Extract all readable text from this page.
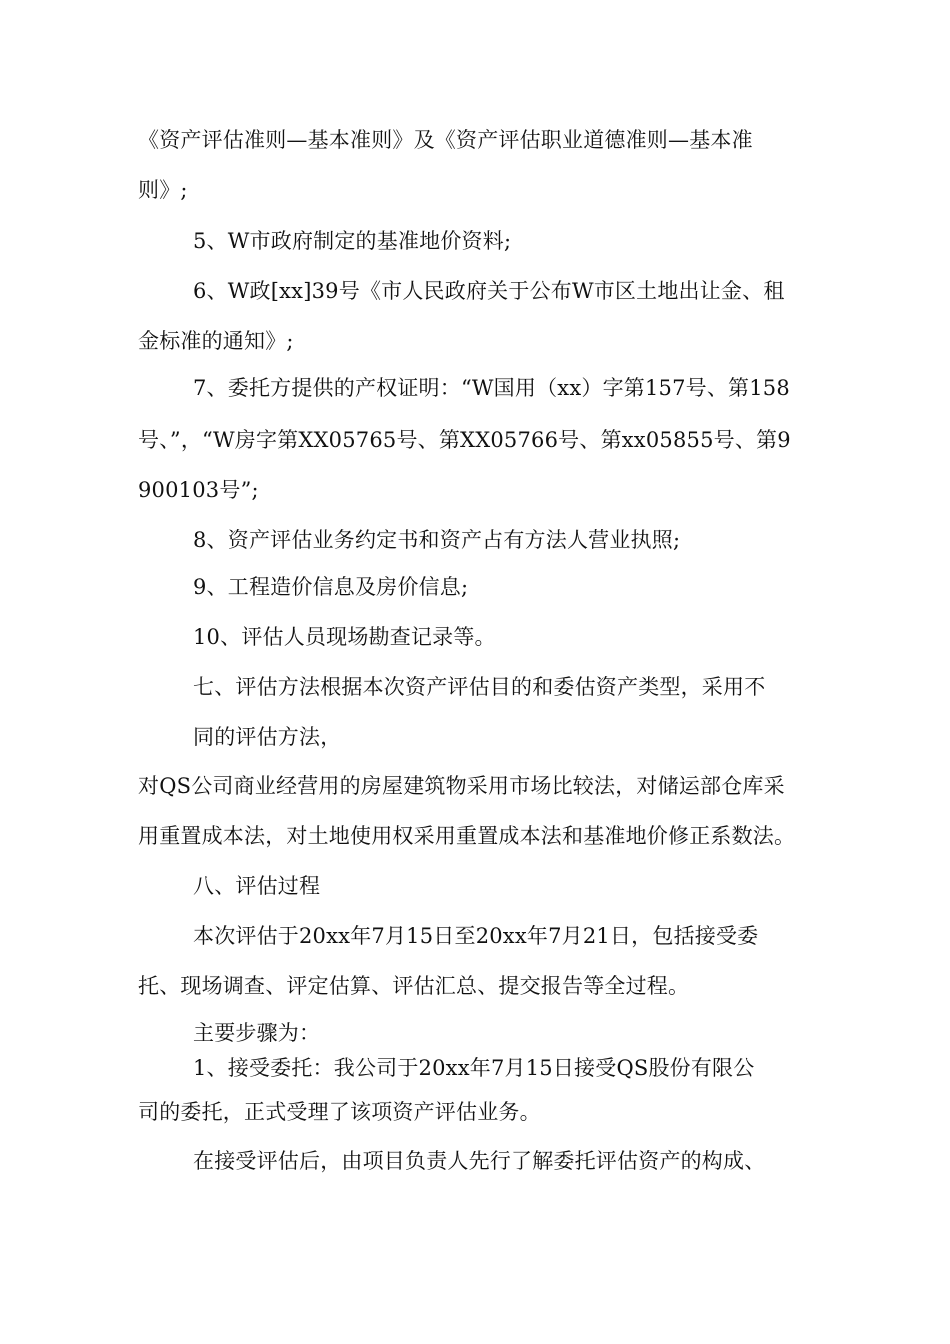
《资产评估准则—基本准则》及《资产评估职业道德准则—基本准
则》;
5、W市政府制定的基准地价资料;
6、W政[xx]39号《市人民政府关于公布W市区土地出让金、租
金标准的通知》;
7、委托方提供的产权证明：“W国用（xx）字第157号、第158
号、”，“W房字第XX05765号、第XX05766号、第xx05855号、第9
900103号”;
8、资产评估业务约定书和资产占有方法人营业执照;
9、工程造价信息及房价信息;
10、评估人员现场勘查记录等。
七、评估方法根据本次资产评估目的和委估资产类型，采用不
同的评估方法，
对QS公司商业经营用的房屋建筑物采用市场比较法，对储运部仓库采
用重置成本法，对土地使用权采用重置成本法和基准地价修正系数法。
八、评估过程
本次评估于20xx年7月15日至20xx年7月21日，包括接受委
托、现场调查、评定估算、评估汇总、提交报告等全过程。
主要步骤为：
1、接受委托：我公司于20xx年7月15日接受QS股份有限公
司的委托，正式受理了该项资产评估业务。
在接受评估后，由项目负责人先行了解委托评估资产的构成、
